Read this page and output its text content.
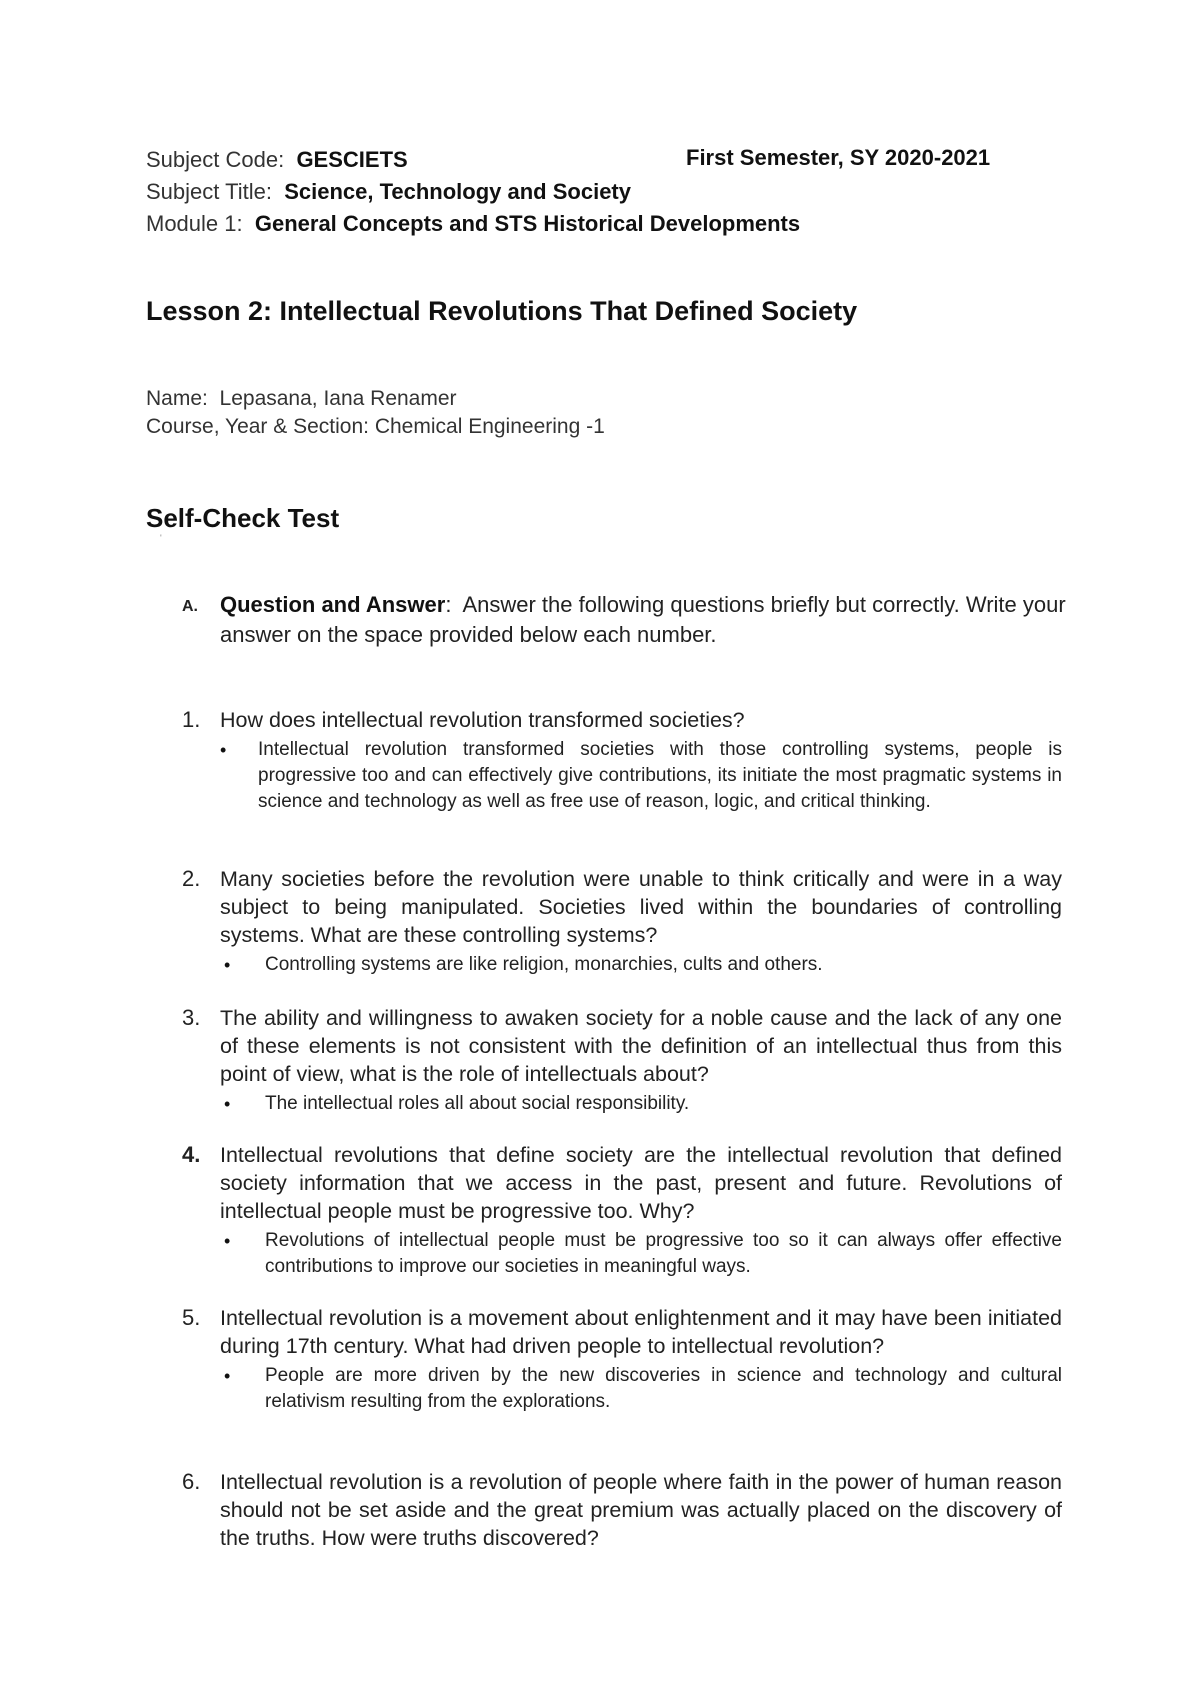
Subject Code: GESCIETS	First Semester, SY 2020-2021
Subject Title: Science, Technology and Society
Module 1: General Concepts and STS Historical Developments
Lesson 2: Intellectual Revolutions That Defined Society
Name: Lepasana, Iana Renamer
Course, Year & Section: Chemical Engineering -1
Self-Check Test
'
A. Question and Answer:  Answer the following questions briefly but correctly. Write your answer on the space provided below each number.
1. How does intellectual revolution transformed societies?
• Intellectual revolution transformed societies with those controlling systems, people is progressive too and can effectively give contributions, its initiate the most pragmatic systems in science and technology as well as free use of reason, logic, and critical thinking.
2. Many societies before the revolution were unable to think critically and were in a way subject to being manipulated. Societies lived within the boundaries of controlling systems. What are these controlling systems?
• Controlling systems are like religion, monarchies, cults and others.
3. The ability and willingness to awaken society for a noble cause and the lack of any one of these elements is not consistent with the definition of an intellectual thus from this point of view, what is the role of intellectuals about?
• The intellectual roles all about social responsibility.
4. Intellectual revolutions that define society are the intellectual revolution that defined society information that we access in the past, present and future. Revolutions of intellectual people must be progressive too. Why?
• Revolutions of intellectual people must be progressive too so it can always offer effective contributions to improve our societies in meaningful ways.
5. Intellectual revolution is a movement about enlightenment and it may have been initiated during 17th century. What had driven people to intellectual revolution?
• People are more driven by the new discoveries in science and technology and cultural relativism resulting from the explorations.
6. Intellectual revolution is a revolution of people where faith in the power of human reason should not be set aside and the great premium was actually placed on the discovery of the truths. How were truths discovered?
